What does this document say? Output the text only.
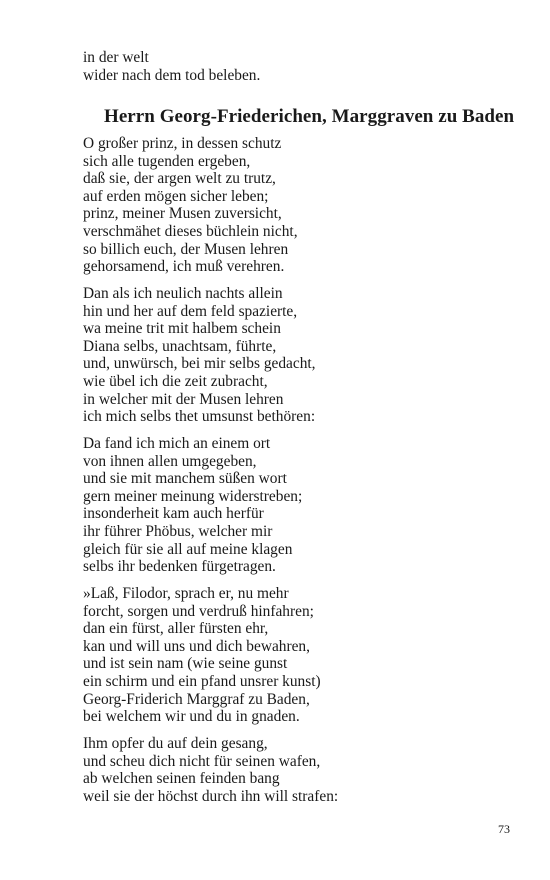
in der welt
wider nach dem tod beleben.
Herrn Georg-Friederichen, Marggraven zu Baden
O großer prinz, in dessen schutz
sich alle tugenden ergeben,
daß sie, der argen welt zu trutz,
auf erden mögen sicher leben;
prinz, meiner Musen zuversicht,
verschmähet dieses büchlein nicht,
so billich euch, der Musen lehren
gehorsamend, ich muß verehren.
Dan als ich neulich nachts allein
hin und her auf dem feld spazierte,
wa meine trit mit halbem schein
Diana selbs, unachtsam, führte,
und, unwürsch, bei mir selbs gedacht,
wie übel ich die zeit zubracht,
in welcher mit der Musen lehren
ich mich selbs thet umsunst bethören:
Da fand ich mich an einem ort
von ihnen allen umgegeben,
und sie mit manchem süßen wort
gern meiner meinung widerstreben;
insonderheit kam auch herfür
ihr führer Phöbus, welcher mir
gleich für sie all auf meine klagen
selbs ihr bedenken fürgetragen.
»Laß, Filodor, sprach er, nu mehr
forcht, sorgen und verdruß hinfahren;
dan ein fürst, aller fürsten ehr,
kan und will uns und dich bewahren,
und ist sein nam (wie seine gunst
ein schirm und ein pfand unsrer kunst)
Georg-Friderich Marggraf zu Baden,
bei welchem wir und du in gnaden.
Ihm opfer du auf dein gesang,
und scheu dich nicht für seinen wafen,
ab welchen seinen feinden bang
weil sie der höchst durch ihn will strafen:
73
